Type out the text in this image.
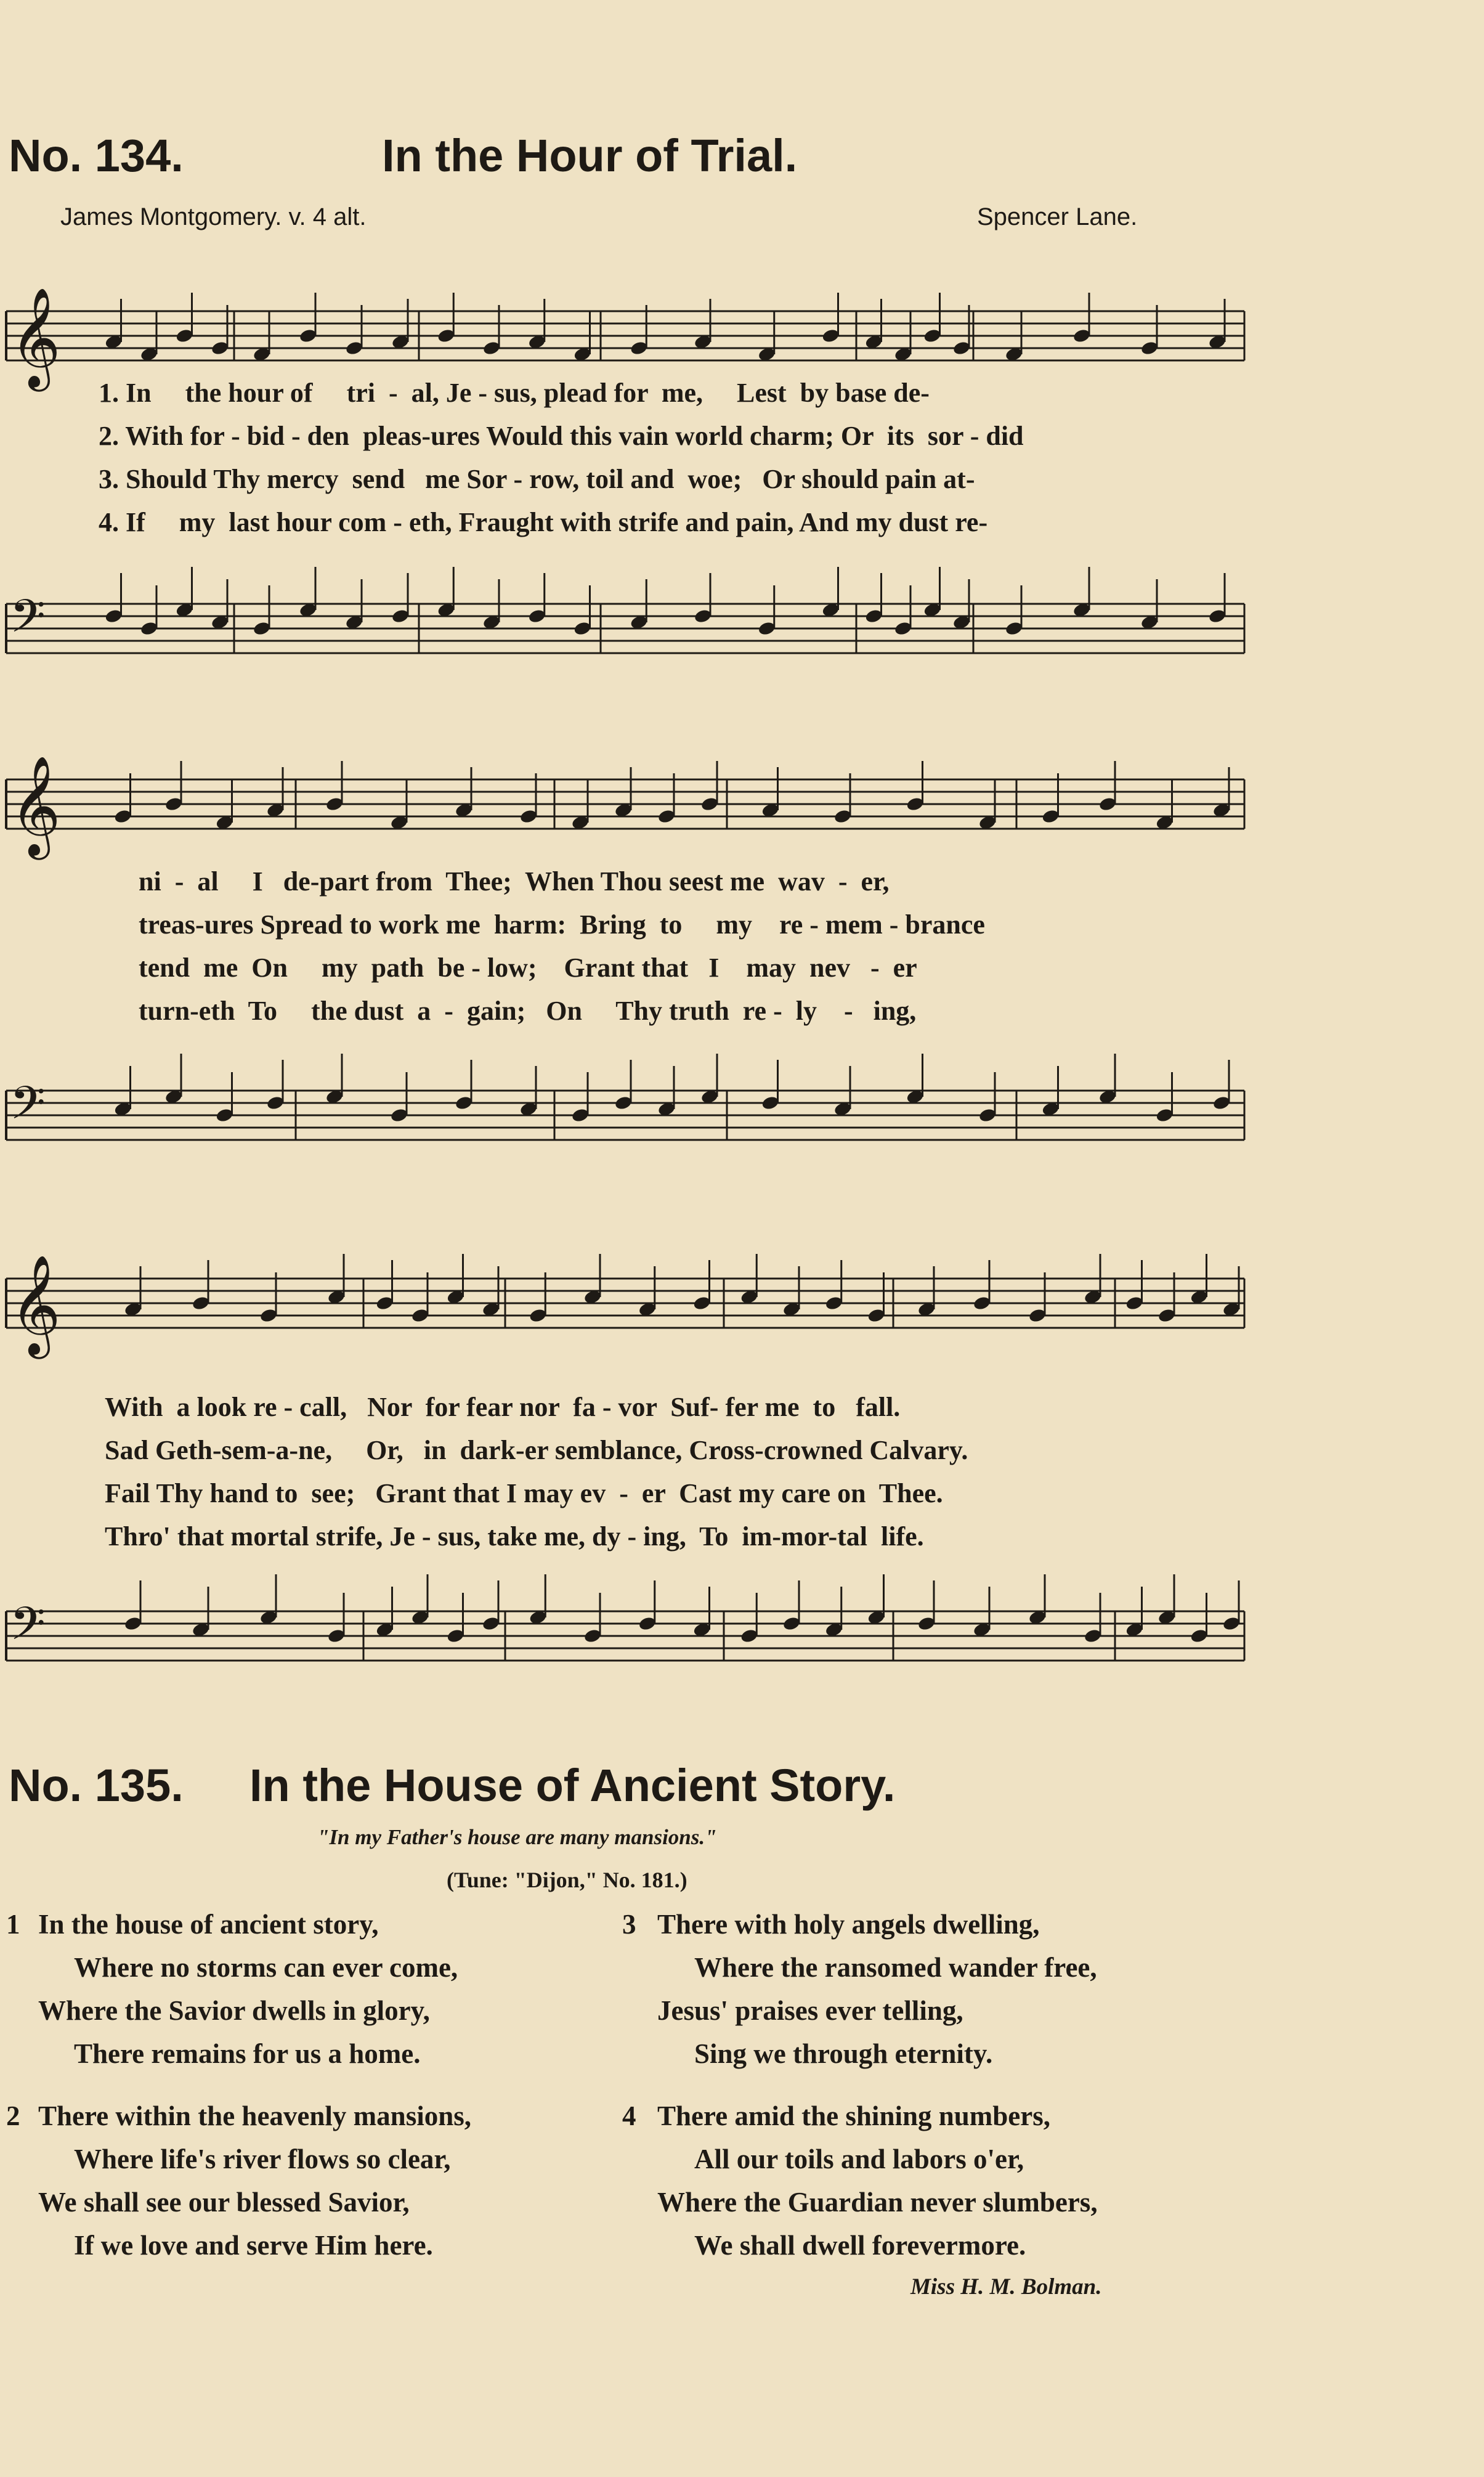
No. 134.	In the Hour of Trial.
James Montgomery. v. 4 alt.	Spencer Lane.
𝄞
1. In     the hour of     tri  -  al, Je - sus, plead for  me,     Lest  by base de-
2. With for - bid - den  pleas-ures Would this vain world charm; Or  its  sor - did
3. Should Thy mercy  send   me Sor - row, toil and  woe;   Or should pain at-
4. If     my  last hour com - eth, Fraught with strife and pain, And my dust re-
𝄢
𝄞
ni  -  al     I   de-part from  Thee;  When Thou seest me  wav  -  er,
treas-ures Spread to work me  harm:  Bring  to     my    re - mem - brance
tend  me  On     my  path  be - low;    Grant that   I    may  nev   -  er
turn-eth  To     the dust  a  -  gain;   On     Thy truth  re -  ly    -   ing,
𝄢
𝄞
With  a look re - call,   Nor  for fear nor  fa - vor  Suf- fer me  to   fall.
Sad Geth-sem-a-ne,     Or,   in  dark-er semblance, Cross-crowned Calvary.
Fail Thy hand to  see;   Grant that I may ev  -  er  Cast my care on  Thee.
Thro' that mortal strife, Je - sus, take me, dy - ing,  To  im-mor-tal  life.
𝄢
No. 135. In the House of Ancient Story.
"In my Father's house are many mansions."
(Tune: "Dijon," No. 181.)
1 In the house of ancient story,
Where no storms can ever come,
Where the Savior dwells in glory,
There remains for us a home.
2 There within the heavenly mansions,
Where life's river flows so clear,
We shall see our blessed Savior,
If we love and serve Him here.
3 There with holy angels dwelling,
Where the ransomed wander free,
Jesus' praises ever telling,
Sing we through eternity.
4 There amid the shining numbers,
All our toils and labors o'er,
Where the Guardian never slumbers,
We shall dwell forevermore.
Miss H. M. Bolman.
